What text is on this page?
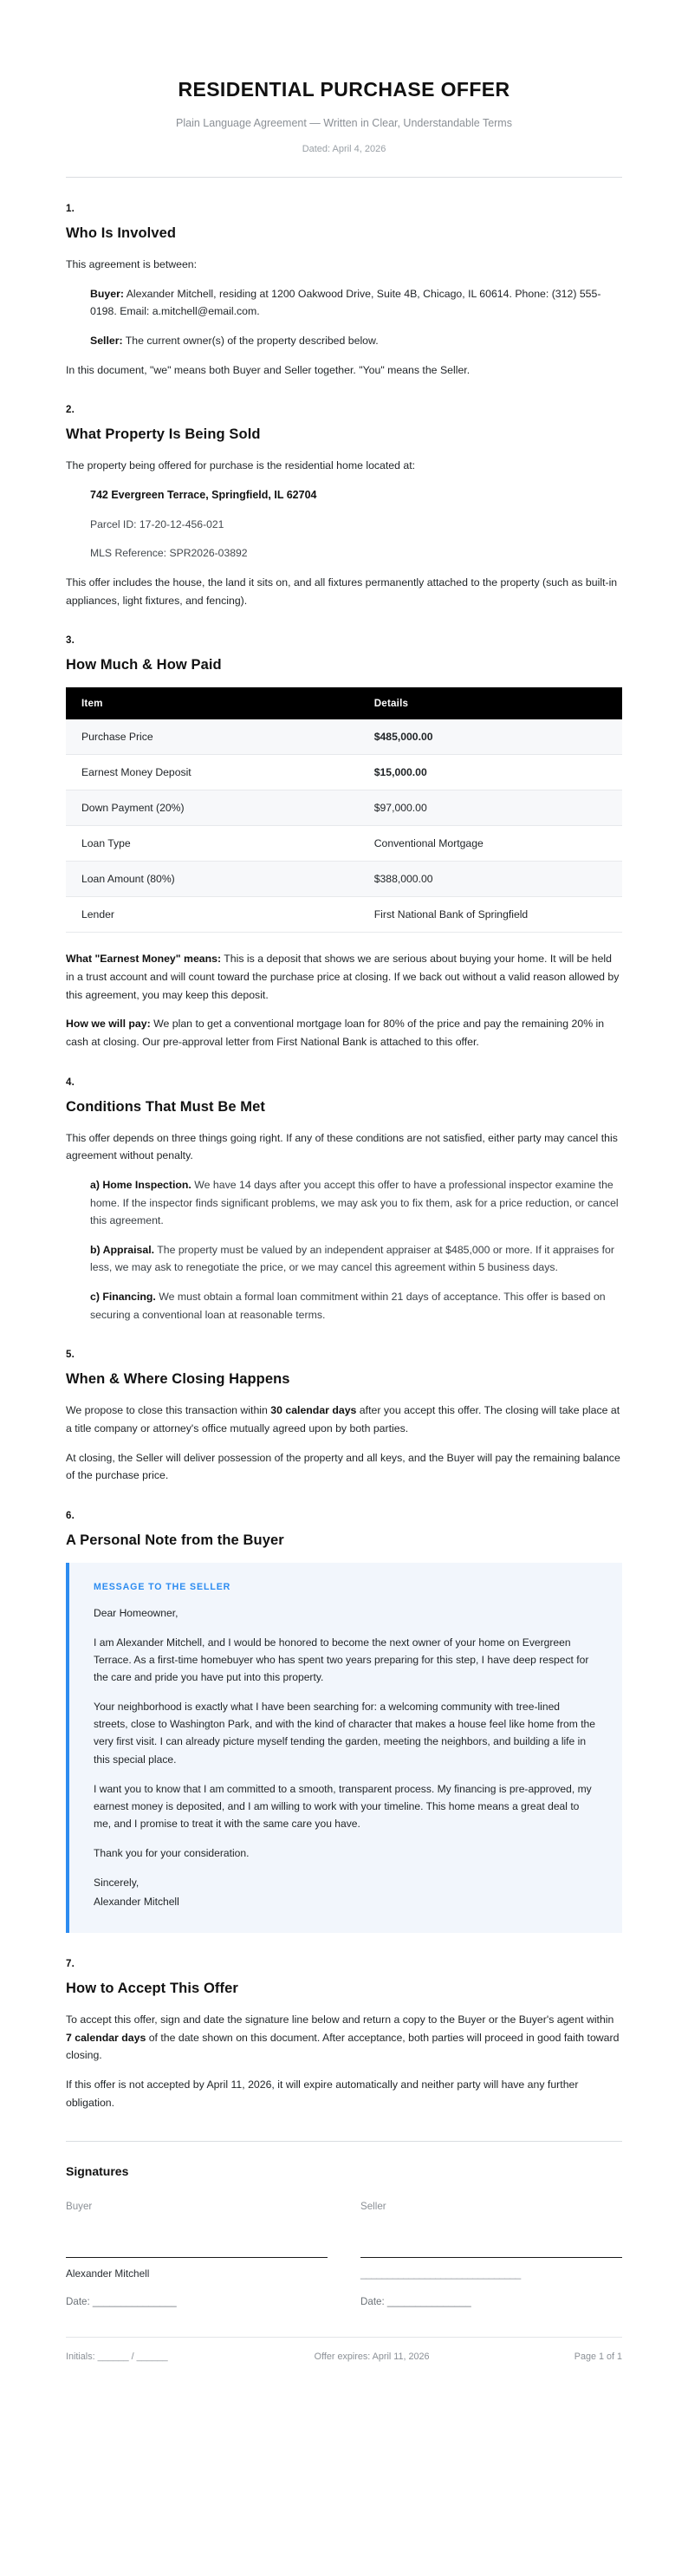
RESIDENTIAL PURCHASE OFFER
Plain Language Agreement — Written in Clear, Understandable Terms
Dated: April 4, 2026
1.
Who Is Involved

This agreement is between:

Buyer: Alexander Mitchell, residing at 1200 Oakwood Drive, Suite 4B, Chicago, IL 60614. Phone: (312) 555-0198. Email: a.mitchell@email.com.
Seller: The current owner(s) of the property described below.

In this document, "we" means both Buyer and Seller together. "You" means the Seller.

2.
What Property Is Being Sold

The property being offered for purchase is the residential home located at:

742 Evergreen Terrace, Springfield, IL 62704
Parcel ID: 17-20-12-456-021
MLS Reference: SPR2026-03892

This offer includes the house, the land it sits on, and all fixtures permanently attached to the property (such as built-in appliances, light fixtures, and fencing).

3.
How Much & How Paid
Item	Details
Purchase Price	$485,000.00
Earnest Money Deposit	$15,000.00
Down Payment (20%)	$97,000.00
Loan Type	Conventional Mortgage
Loan Amount (80%)	$388,000.00
Lender	First National Bank of Springfield

What "Earnest Money" means: This is a deposit that shows we are serious about buying your home. It will be held in a trust account and will count toward the purchase price at closing. If we back out without a valid reason allowed by this agreement, you may keep this deposit.

How we will pay: We plan to get a conventional mortgage loan for 80% of the price and pay the remaining 20% in cash at closing. Our pre-approval letter from First National Bank is attached to this offer.

4.
Conditions That Must Be Met

This offer depends on three things going right. If any of these conditions are not satisfied, either party may cancel this agreement without penalty.

a) Home Inspection. We have 14 days after you accept this offer to have a professional inspector examine the home. If the inspector finds significant problems, we may ask you to fix them, ask for a price reduction, or cancel this agreement.
b) Appraisal. The property must be valued by an independent appraiser at $485,000 or more. If it appraises for less, we may ask to renegotiate the price, or we may cancel this agreement within 5 business days.
c) Financing. We must obtain a formal loan commitment within 21 days of acceptance. This offer is based on securing a conventional loan at reasonable terms.
5.
When & Where Closing Happens

We propose to close this transaction within 30 calendar days after you accept this offer. The closing will take place at a title company or attorney's office mutually agreed upon by both parties.

At closing, the Seller will deliver possession of the property and all keys, and the Buyer will pay the remaining balance of the purchase price.

6.
A Personal Note from the Buyer
MESSAGE TO THE SELLER

Dear Homeowner,

I am Alexander Mitchell, and I would be honored to become the next owner of your home on Evergreen Terrace. As a first-time homebuyer who has spent two years preparing for this step, I have deep respect for the care and pride you have put into this property.

Your neighborhood is exactly what I have been searching for: a welcoming community with tree-lined streets, close to Washington Park, and with the kind of character that makes a house feel like home from the very first visit. I can already picture myself tending the garden, meeting the neighbors, and building a life in this special place.

I want you to know that I am committed to a smooth, transparent process. My financing is pre-approved, my earnest money is deposited, and I am willing to work with your timeline. This home means a great deal to me, and I promise to treat it with the same care you have.

Thank you for your consideration.

Sincerely,

Alexander Mitchell

7.
How to Accept This Offer

To accept this offer, sign and date the signature line below and return a copy to the Buyer or the Buyer's agent within 7 calendar days of the date shown on this document. After acceptance, both parties will proceed in good faith toward closing.

If this offer is not accepted by April 11, 2026, it will expire automatically and neither party will have any further obligation.

Signatures
Buyer
Alexander Mitchell
Date: _______________
Seller
______________________________
Date: _______________
Initials: ______ / ______	Offer expires: April 11, 2026	Page 1 of 1
